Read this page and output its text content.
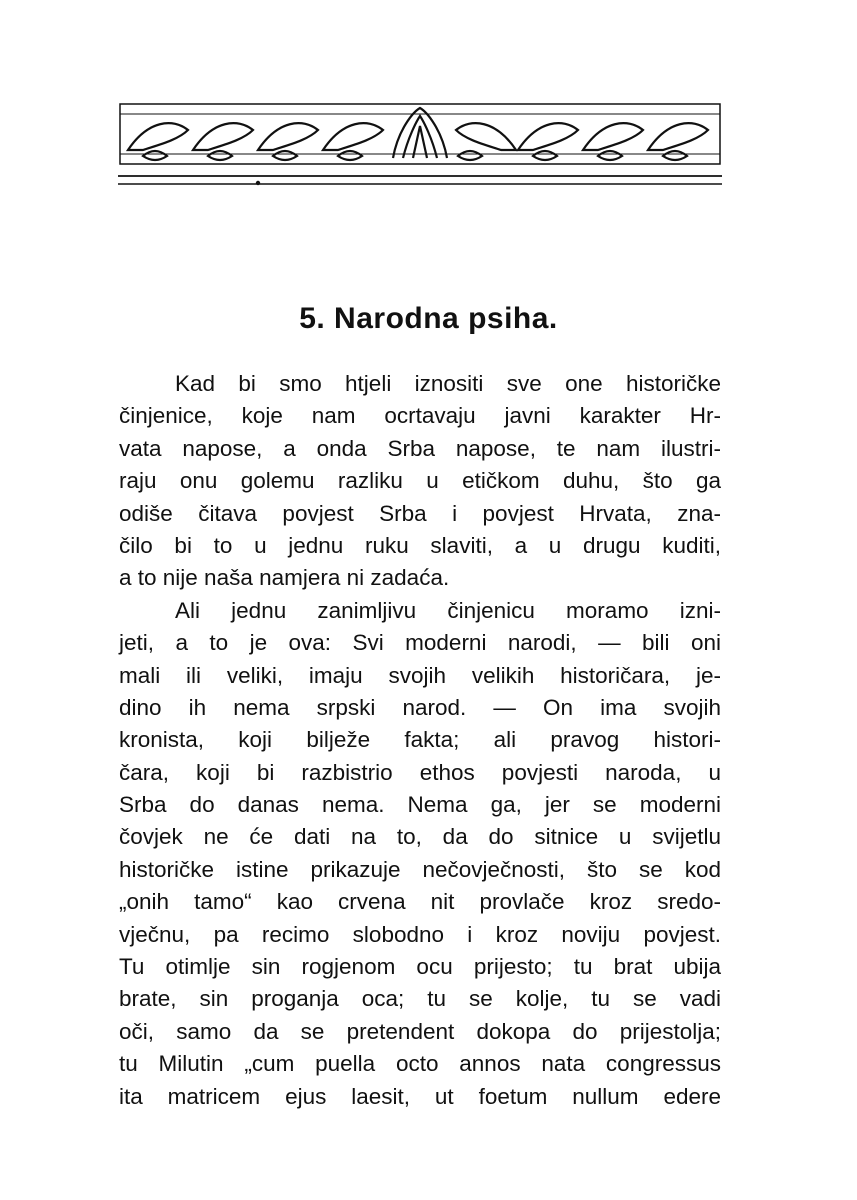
5. Narodna psiha.
Kad bi smo htjeli iznositi sve one historičke
činjenice, koje nam ocrtavaju javni karakter Hr-
vata napose, a onda Srba napose, te nam ilustri-
raju onu golemu razliku u etičkom duhu, što ga
odiše čitava povjest Srba i povjest Hrvata, zna-
čilo bi to u jednu ruku slaviti, a u drugu kuditi,
a to nije naša namjera ni zadaća.
Ali jednu zanimljivu činjenicu moramo izni-
jeti, a to je ova: Svi moderni narodi, — bili oni
mali ili veliki, imaju svojih velikih historičara, je-
dino ih nema srpski narod. — On ima svojih
kronista, koji bilježe fakta; ali pravog histori-
čara, koji bi razbistrio ethos povjesti naroda, u
Srba do danas nema. Nema ga, jer se moderni
čovjek ne će dati na to, da do sitnice u svijetlu
historičke istine prikazuje nečovječnosti, što se kod
„onih tamo“ kao crvena nit provlače kroz sredo-
vječnu, pa recimo slobodno i kroz noviju povjest.
Tu otimlje sin rogjenom ocu prijesto; tu brat ubija
brate, sin proganja oca; tu se kolje, tu se vadi
oči, samo da se pretendent dokopa do prijestolja;
tu Milutin „cum puella octo annos nata congressus
ita matricem ejus laesit, ut foetum nullum edere
